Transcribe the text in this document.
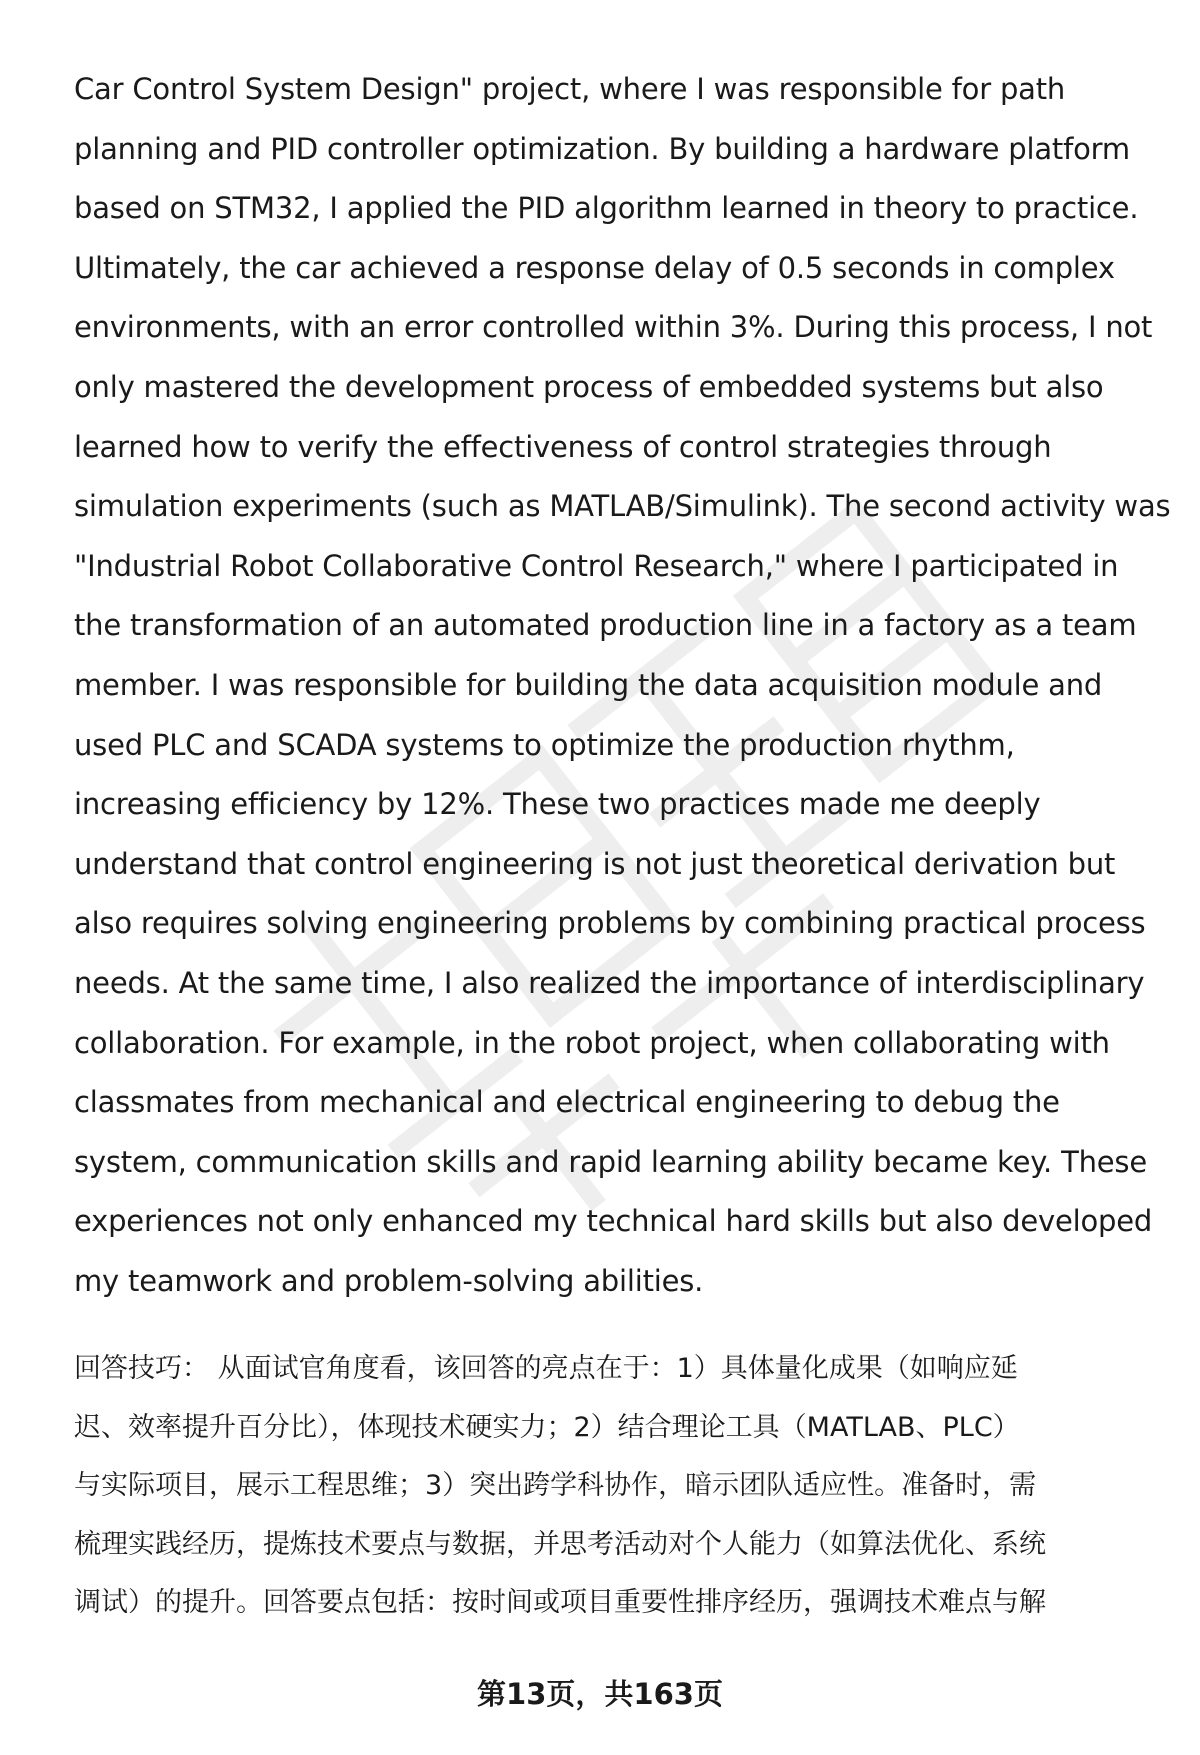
Car Control System Design" project, where I was responsible for path
planning and PID controller optimization. By building a hardware platform
based on STM32, I applied the PID algorithm learned in theory to practice.
Ultimately, the car achieved a response delay of 0.5 seconds in complex
environments, with an error controlled within 3%. During this process, I not
only mastered the development process of embedded systems but also
learned how to verify the effectiveness of control strategies through
simulation experiments (such as MATLAB/Simulink). The second activity was
"Industrial Robot Collaborative Control Research," where I participated in
the transformation of an automated production line in a factory as a team
member. I was responsible for building the data acquisition module and
used PLC and SCADA systems to optimize the production rhythm,
increasing efficiency by 12%. These two practices made me deeply
understand that control engineering is not just theoretical derivation but
also requires solving engineering problems by combining practical process
needs. At the same time, I also realized the importance of interdisciplinary
collaboration. For example, in the robot project, when collaborating with
classmates from mechanical and electrical engineering to debug the
system, communication skills and rapid learning ability became key. These
experiences not only enhanced my technical hard skills but also developed
my teamwork and problem-solving abilities.
回答技巧： 从面试官角度看，该回答的亮点在于：1）具体量化成果（如响应延
迟、效率提升百分比），体现技术硬实力；2）结合理论工具（MATLAB、PLC）
与实际项目，展示工程思维；3）突出跨学科协作，暗示团队适应性。准备时，需
梳理实践经历，提炼技术要点与数据，并思考活动对个人能力（如算法优化、系统
调试）的提升。回答要点包括：按时间或项目重要性排序经历，强调技术难点与解
第13页，共163页
